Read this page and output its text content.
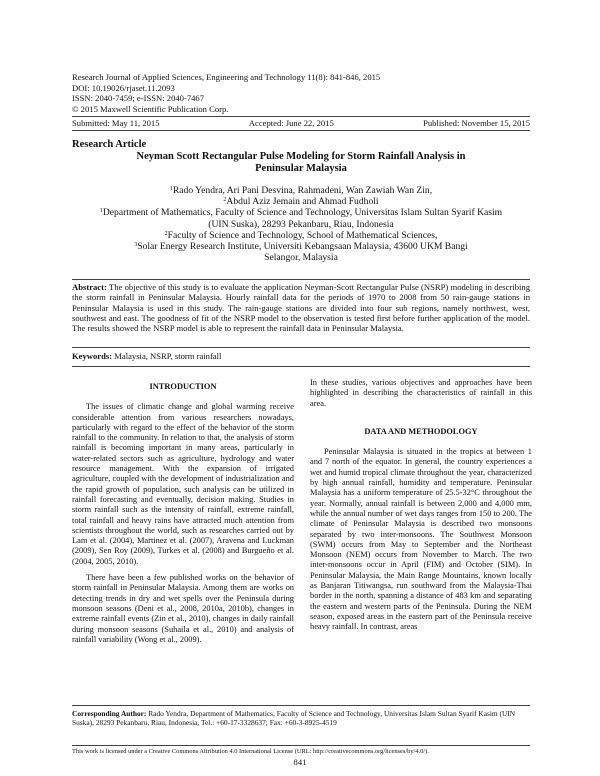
Research Journal of Applied Sciences, Engineering and Technology 11(8): 841-846, 2015
DOI: 10.19026/rjaset.11.2093
ISSN: 2040-7459; e-ISSN: 2040-7467
© 2015 Maxwell Scientific Publication Corp.
Submitted: May 11, 2015	Accepted: June 22, 2015	Published: November 15, 2015
Research Article
Neyman Scott Rectangular Pulse Modeling for Storm Rainfall Analysis in
Peninsular Malaysia
$^1$Rado Yendra, Ari Pani Desvina, Rahmadeni, Wan Zawiah Wan Zin,
$^2$Abdul Aziz Jemain and Ahmad Fudholi
$^1$Department of Mathematics, Faculty of Science and Technology, Universitas Islam Sultan Syarif Kasim
(UIN Suska), 28293 Pekanbaru, Riau, Indonesia
$^2$Faculty of Science and Technology, School of Mathematical Sciences,
$^3$Solar Energy Research Institute, Universiti Kebangsaan Malaysia, 43600 UKM Bangi
Selangor, Malaysia
Abstract: The objective of this study is to evaluate the application Neyman-Scott Rectangular Pulse (NSRP) modeling in describing the storm rainfall in Peninsular Malaysia. Hourly rainfall data for the periods of 1970 to 2008 from 50 rain-gauge stations in Peninsular Malaysia is used in this study. The rain-gauge stations are divided into four sub regions, namely northwest, west, southwest and east. The goodness of fit of the NSRP model to the observation is tested first before further application of the model. The results showed the NSRP model is able to represent the rainfall data in Peninsular Malaysia.
Keywords: Malaysia, NSRP, storm rainfall
INTRODUCTION

The issues of climatic change and global warming receive considerable attention from various researchers nowadays, particularly with regard to the effect of the behavior of the storm rainfall to the community. In relation to that, the analysis of storm rainfall is becoming important in many areas, particularly in water-related sectors such as agriculture, hydrology and water resource management. With the expansion of irrigated agriculture, coupled with the development of industrialization and the rapid growth of population, such analysis can be utilized in rainfall forecasting and eventually, decision making. Studies in storm rainfall such as the intensity of rainfall, extreme rainfall, total rainfall and heavy rains have attracted much attention from scientists throughout the world, such as researches carried out by Lam et al. (2004), Martinez et al. (2007), Aravena and Luckman (2009), Sen Roy (2009), Turkes et al. (2008) and Burgueño et al. (2004, 2005, 2010).

There have been a few published works on the behavior of storm rainfall in Peninsular Malaysia. Among them are works on detecting trends in dry and wet spells over the Peninsula during monsoon seasons (Deni et al., 2008, 2010a, 2010b), changes in extreme rainfall events (Zin et al., 2010), changes in daily rainfall during monsoon seasons (Suhaila et al., 2010) and analysis of rainfall variability (Wong et al., 2009).

In these studies, various objectives and approaches have been highlighted in describing the characteristics of rainfall in this area.

DATA AND METHODOLOGY

Peninsular Malaysia is situated in the tropics at between 1 and 7 north of the equator. In general, the country experiences a wet and humid tropical climate throughout the year, characterized by high annual rainfall, humidity and temperature. Peninsular Malaysia has a uniform temperature of 25.5-32°C throughout the year. Normally, annual rainfall is between 2,000 and 4,000 mm, while the annual number of wet days ranges from 150 to 200. The climate of Peninsular Malaysia is described two monsoons separated by two inter-monsoons. The Southwest Monsoon (SWM) occurs from May to September and the Northeast Monsoon (NEM) occurs from November to March. The two inter-monsoons occur in April (FIM) and October (SIM). In Peninsular Malaysia, the Main Range Mountains, known locally as Banjaran Titiwangsa, run southward from the Malaysia-Thai border in the north, spanning a distance of 483 km and separating the eastern and western parts of the Peninsula. During the NEM season, exposed areas in the eastern part of the Peninsula receive heavy rainfall. In contrast, areas

Corresponding Author: Rado Yendra, Department of Mathematics, Faculty of Science and Technology, Universitas Islam Sultan Syarif Kasim (UIN Suska), 28293 Pekanbaru, Riau, Indonesia, Tel.: +60-17-3328637; Fax: +60-3-8925-4519
This work is licensed under a Creative Commons Attribution 4.0 International License (URL: http://creativecommons.org/licenses/by/4.0/).
841
